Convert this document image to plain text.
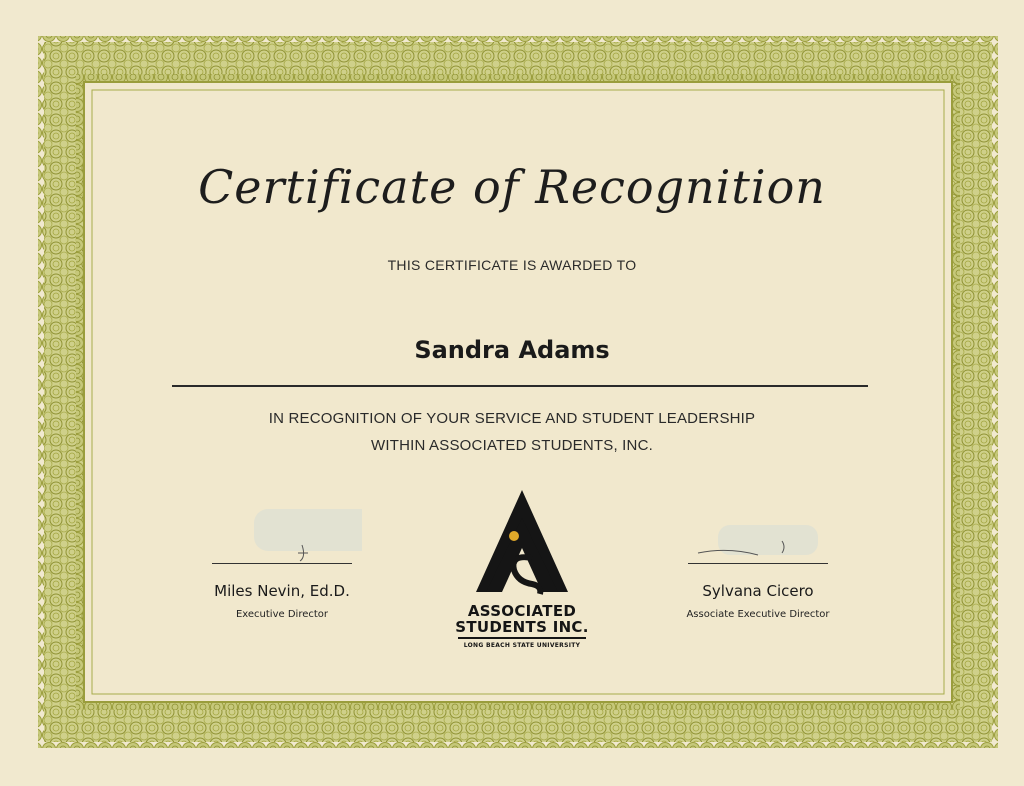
Certificate of Recognition
THIS CERTIFICATE IS AWARDED TO
Sandra Adams
IN RECOGNITION OF YOUR SERVICE AND STUDENT LEADERSHIP
WITHIN ASSOCIATED STUDENTS, INC.
Miles Nevin, Ed.D.
Executive Director	ASSOCIATED
STUDENTS INC.
LONG BEACH STATE UNIVERSITY
Sylvana Cicero
Associate Executive Director
